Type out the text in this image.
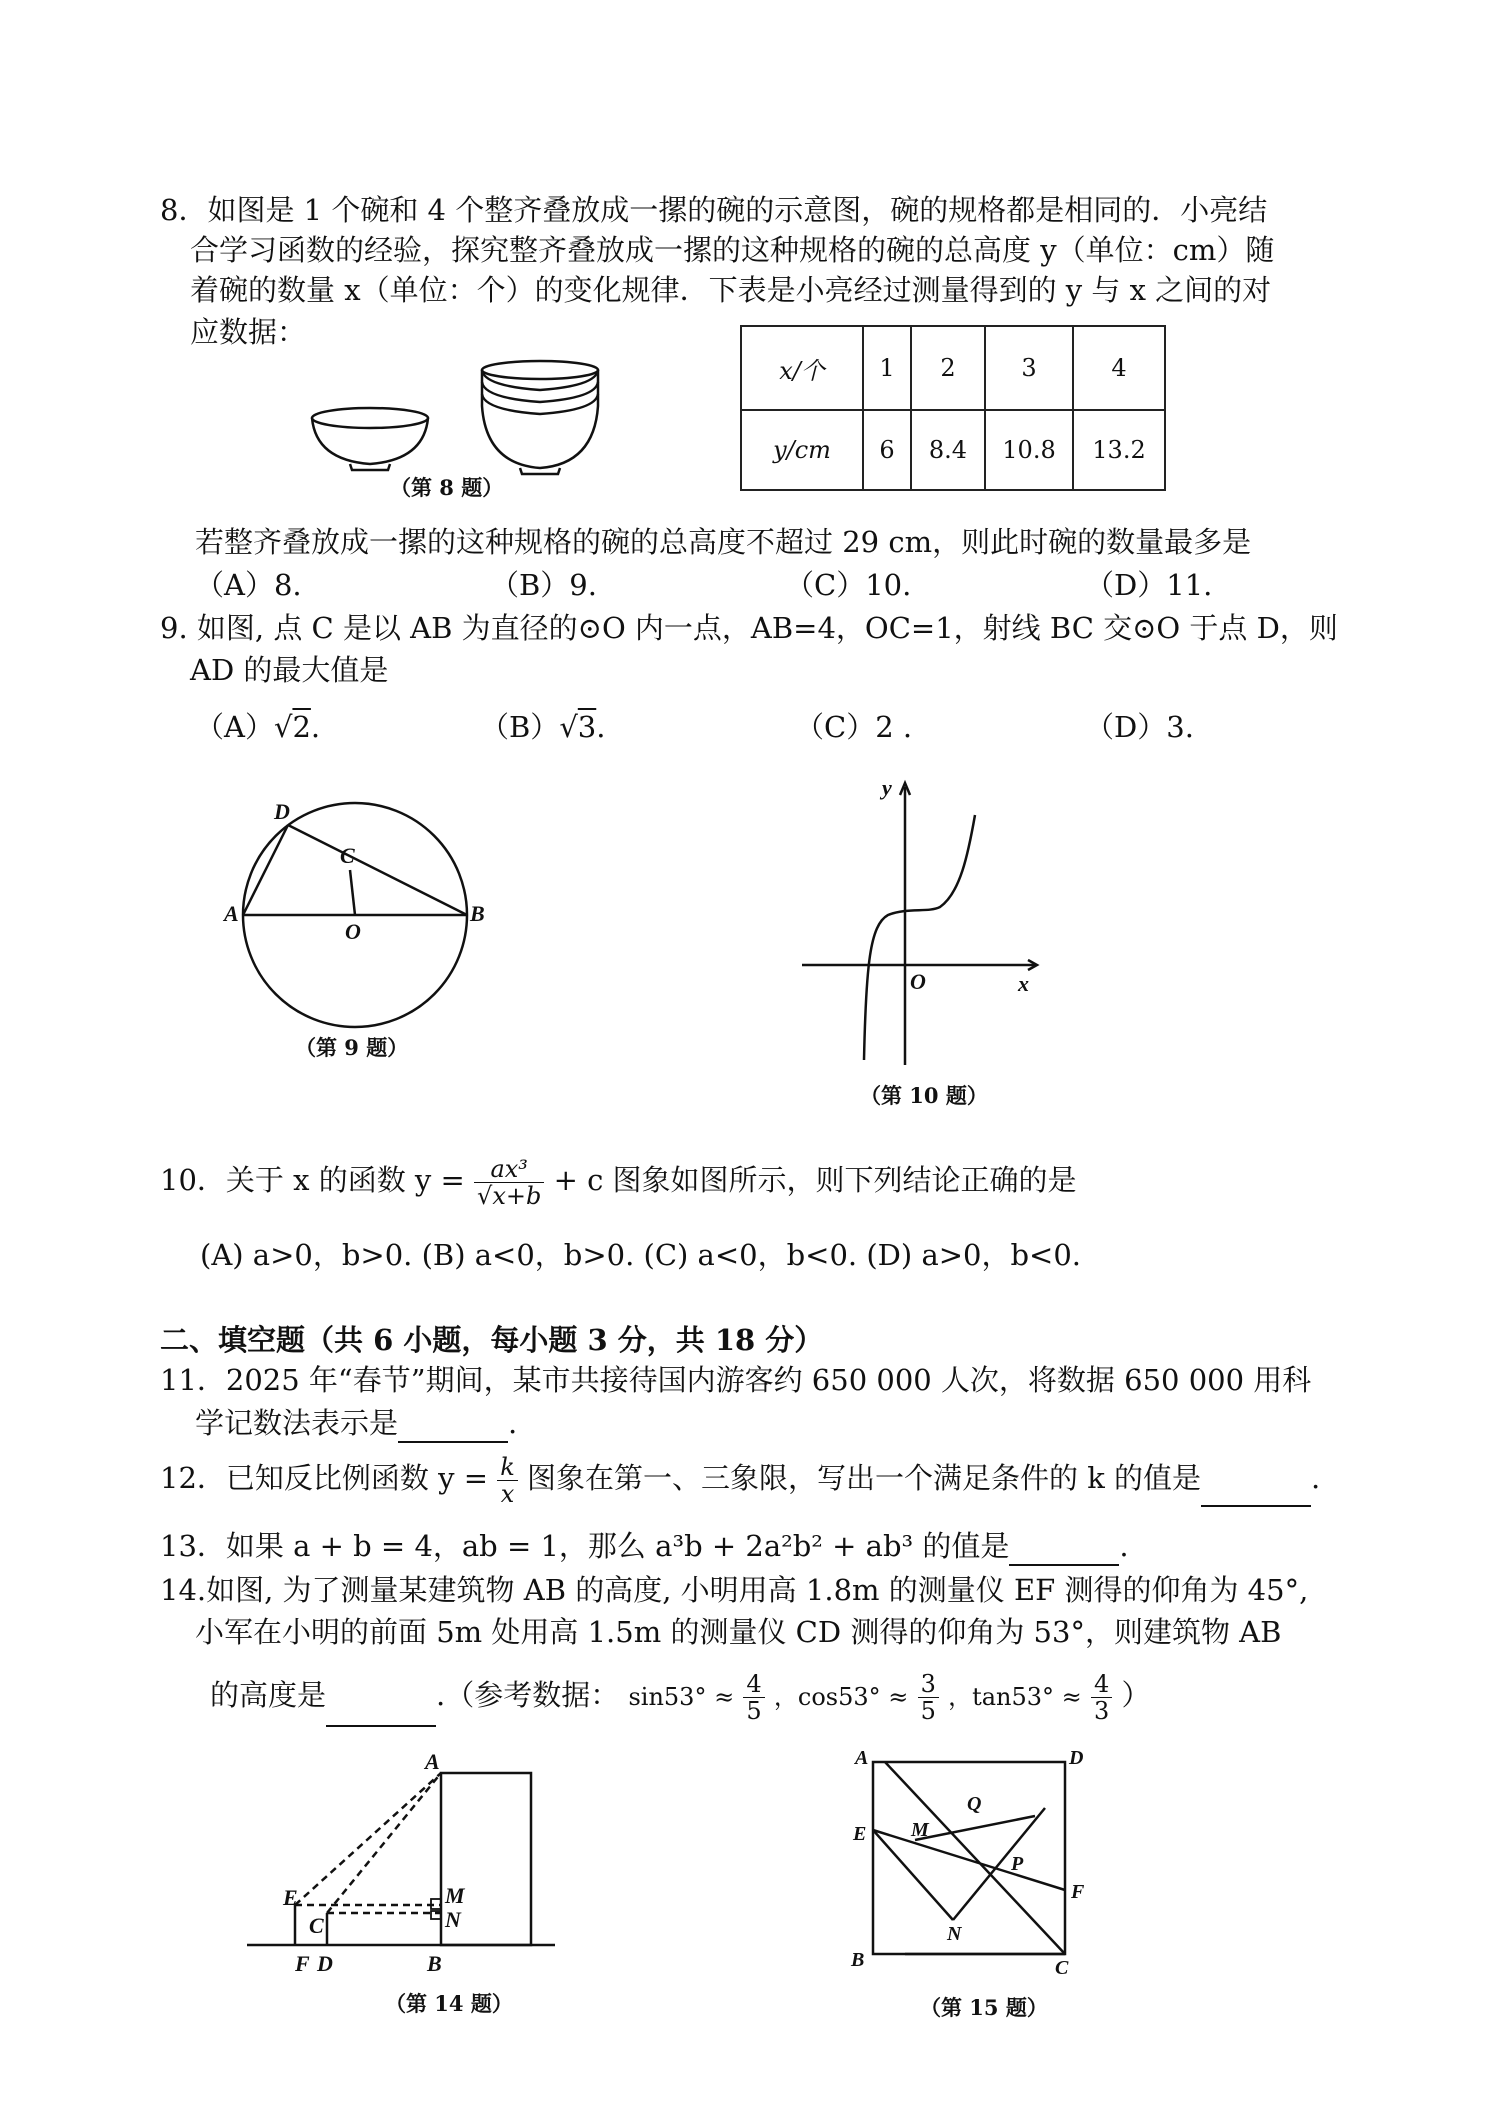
8．如图是 1 个碗和 4 个整齐叠放成一摞的碗的示意图，碗的规格都是相同的．小亮结
合学习函数的经验，探究整齐叠放成一摞的这种规格的碗的总高度 y（单位：cm）随
着碗的数量 x（单位：个）的变化规律．下表是小亮经过测量得到的 y 与 x 之间的对
应数据：
x/个	1	2	3	4
y/cm	6	8.4	10.8	13.2
（第 8 题）
若整齐叠放成一摞的这种规格的碗的总高度不超过 29 cm，则此时碗的数量最多是
（A）8.	（B）9.	（C）10.	（D）11.
9. 如图, 点 C 是以 AB 为直径的⊙O 内一点，AB=4，OC=1，射线 BC 交⊙O 于点 D，则
AD 的最大值是
（A）√2.	（B）√3.	（C）2 .	（D）3.
D
C
A
O
B
（第 9 题）
y
x
O
（第 10 题）
10．关于 x 的函数 $y = \frac{\text{ax³}}{√x+b} + c$ 图象如图所示，则下列结论正确的是
(A) a>0，b>0. (B) a<0，b>0. (C) a<0，b<0. (D) a>0，b<0.
二、填空题（共 6 小题，每小题 3 分，共 18 分）
11．2025 年“春节”期间，某市共接待国内游客约 650 000 人次，将数据 650 000 用科
学记数法表示是	.
12．已知反比例函数 $y = \frac{k}{x}$ 图象在第一、三象限，写出一个满足条件的 k 的值是	.
13．如果 a + b = 4，ab = 1，那么 a³b + 2a²b² + ab³ 的值是	.
14.如图, 为了测量某建筑物 AB 的高度, 小明用高 1.8m 的测量仪 EF 测得的仰角为 45°,
小军在小明的前面 5m 处用高 1.5m 的测量仪 CD 测得的仰角为 53°，则建筑物 AB
的高度是	.（参考数据： $\sin 53^\circ \approx \frac{4}{5}$ ，$\cos 53^\circ \approx \frac{3}{5}$ ，$\tan 53^\circ \approx \frac{4}{3}$ ）
A
E
C
M
N
F D	B
（第 14 题）
A	D
Q
E M
P
F
N
B	C
（第 15 题）
